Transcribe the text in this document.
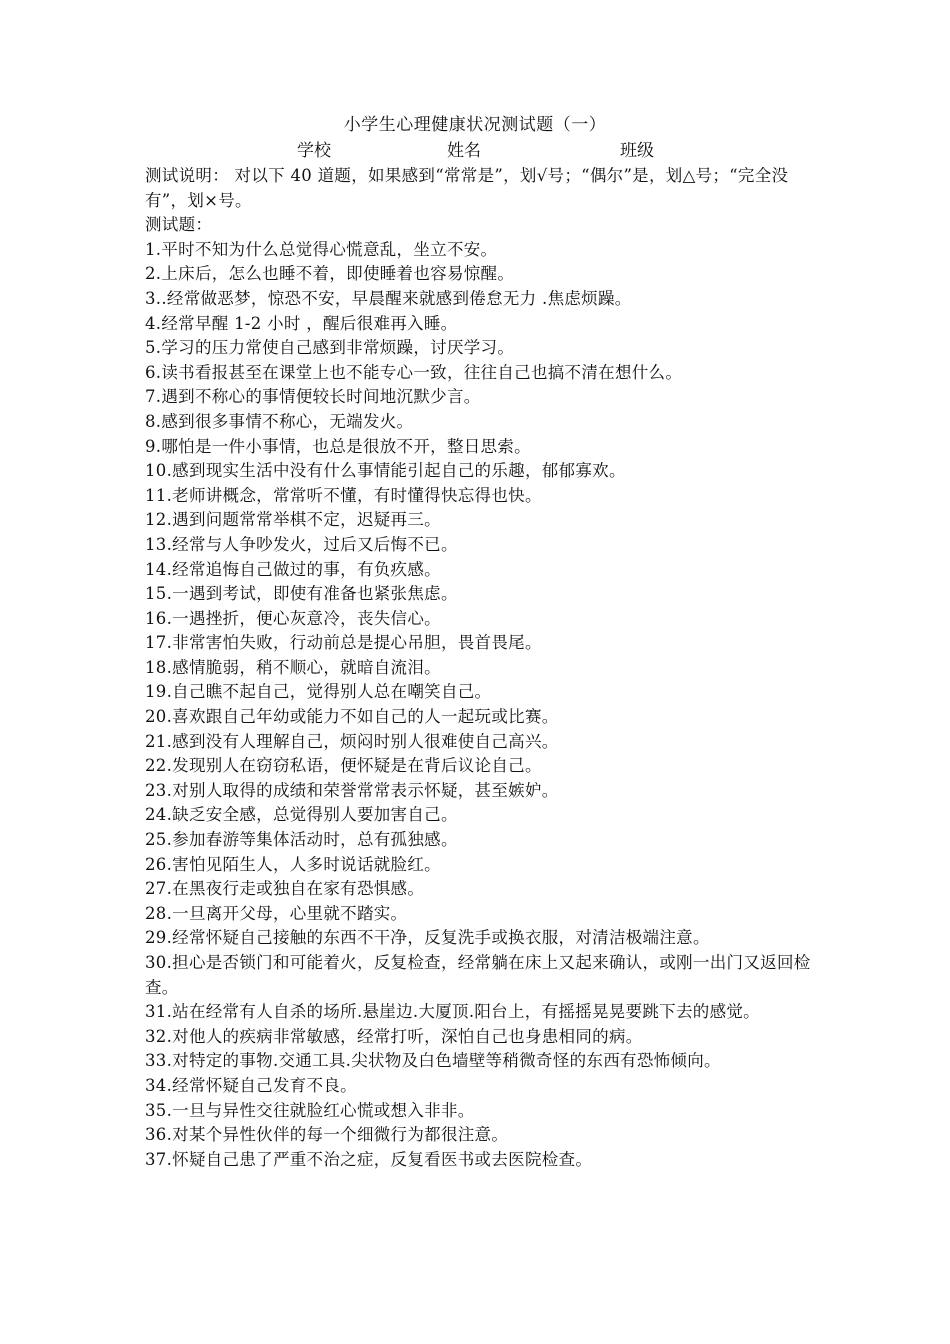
小学生心理健康状况测试题（一）
学校	姓名	班级

测试说明： 对以下 40 道题，如果感到“常常是”，划√号；“偶尔”是，划△号；“完全没有”，划×号。

测试题：

1.平时不知为什么总觉得心慌意乱，坐立不安。

2.上床后，怎么也睡不着，即使睡着也容易惊醒。

3..经常做恶梦，惊恐不安，早晨醒来就感到倦怠无力 .焦虑烦躁。

4.经常早醒 1-2 小时 ，醒后很难再入睡。

5.学习的压力常使自己感到非常烦躁，讨厌学习。

6.读书看报甚至在课堂上也不能专心一致，往往自己也搞不清在想什么。

7.遇到不称心的事情便较长时间地沉默少言。

8.感到很多事情不称心，无端发火。

9.哪怕是一件小事情，也总是很放不开，整日思索。

10.感到现实生活中没有什么事情能引起自己的乐趣，郁郁寡欢。

11.老师讲概念，常常听不懂，有时懂得快忘得也快。

12.遇到问题常常举棋不定，迟疑再三。

13.经常与人争吵发火，过后又后悔不已。

14.经常追悔自己做过的事，有负疚感。

15.一遇到考试，即使有准备也紧张焦虑。

16.一遇挫折，便心灰意冷，丧失信心。

17.非常害怕失败，行动前总是提心吊胆，畏首畏尾。

18.感情脆弱，稍不顺心，就暗自流泪。

19.自己瞧不起自己，觉得别人总在嘲笑自己。

20.喜欢跟自己年幼或能力不如自己的人一起玩或比赛。

21.感到没有人理解自己，烦闷时别人很难使自己高兴。

22.发现别人在窃窃私语，便怀疑是在背后议论自己。

23.对别人取得的成绩和荣誉常常表示怀疑，甚至嫉妒。

24.缺乏安全感，总觉得别人要加害自己。

25.参加春游等集体活动时，总有孤独感。

26.害怕见陌生人，人多时说话就脸红。

27.在黑夜行走或独自在家有恐惧感。

28.一旦离开父母，心里就不踏实。

29.经常怀疑自己接触的东西不干净，反复洗手或换衣服，对清洁极端注意。

30.担心是否锁门和可能着火，反复检查，经常躺在床上又起来确认，或刚一出门又返回检查。

31.站在经常有人自杀的场所.悬崖边.大厦顶.阳台上，有摇摇晃晃要跳下去的感觉。

32.对他人的疾病非常敏感，经常打听，深怕自己也身患相同的病。

33.对特定的事物.交通工具.尖状物及白色墙壁等稍微奇怪的东西有恐怖倾向。

34.经常怀疑自己发育不良。

35.一旦与异性交往就脸红心慌或想入非非。

36.对某个异性伙伴的每一个细微行为都很注意。

37.怀疑自己患了严重不治之症，反复看医书或去医院检查。
